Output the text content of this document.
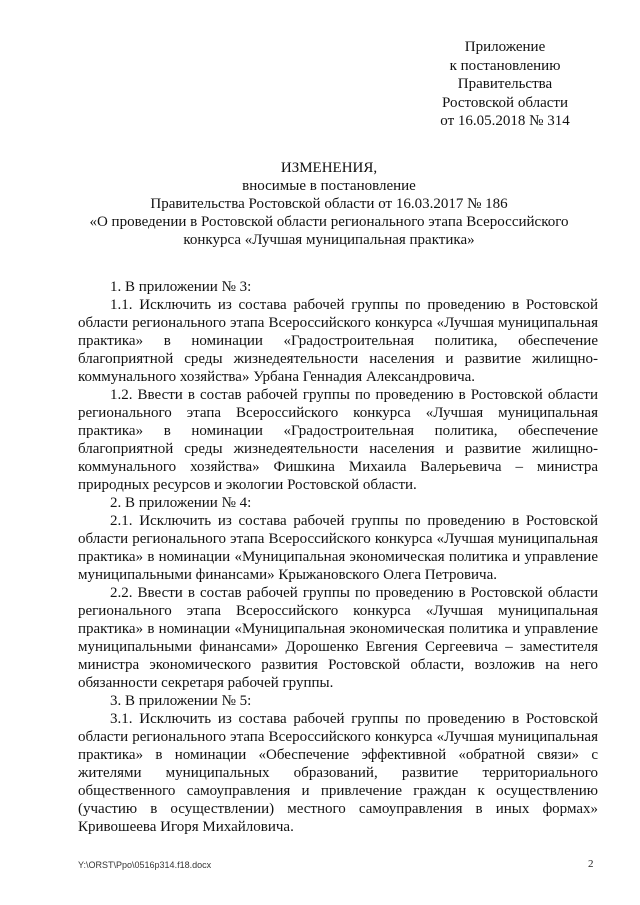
Приложение
к постановлению
Правительства
Ростовской области
от 16.05.2018 № 314
ИЗМЕНЕНИЯ,
вносимые в постановление
Правительства Ростовской области от 16.03.2017 № 186
«О проведении в Ростовской области регионального этапа Всероссийского
конкурса «Лучшая муниципальная практика»

1. В приложении № 3:

1.1. Исключить из состава рабочей группы по проведению в Ростовской области регионального этапа Всероссийского конкурса «Лучшая муниципальная практика» в номинации «Градостроительная политика, обеспечение благоприятной среды жизнедеятельности населения и развитие жилищно-коммунального хозяйства» Урбана Геннадия Александровича.

1.2. Ввести в состав рабочей группы по проведению в Ростовской области регионального этапа Всероссийского конкурса «Лучшая муниципальная практика» в номинации «Градостроительная политика, обеспечение благоприятной среды жизнедеятельности населения и развитие жилищно-коммунального хозяйства» Фишкина Михаила Валерьевича – министра природных ресурсов и экологии Ростовской области.

2. В приложении № 4:

2.1. Исключить из состава рабочей группы по проведению в Ростовской области регионального этапа Всероссийского конкурса «Лучшая муниципальная практика» в номинации «Муниципальная экономическая политика и управление муниципальными финансами» Крыжановского Олега Петровича.

2.2. Ввести в состав рабочей группы по проведению в Ростовской области регионального этапа Всероссийского конкурса «Лучшая муниципальная практика» в номинации «Муниципальная экономическая политика и управление муниципальными финансами» Дорошенко Евгения Сергеевича – заместителя министра экономического развития Ростовской области, возложив на него обязанности секретаря рабочей группы.

3. В приложении № 5:

3.1. Исключить из состава рабочей группы по проведению в Ростовской области регионального этапа Всероссийского конкурса «Лучшая муниципальная практика» в номинации «Обеспечение эффективной «обратной связи» с жителями муниципальных образований, развитие территориального общественного самоуправления и привлечение граждан к осуществлению (участию в осуществлении) местного самоуправления в иных формах» Кривошеева Игоря Михайловича.

Y:\ORST\Ppo\0516p314.f18.docx	2
